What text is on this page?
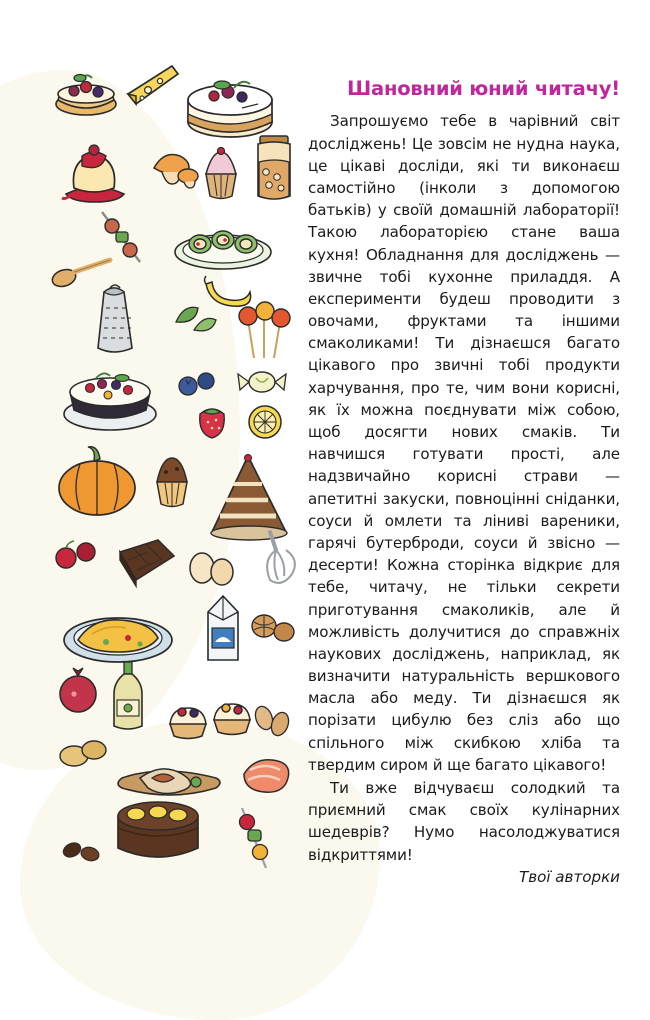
Шановний юний читачу!

Запрошуємо тебе в чарівний світ досліджень! Це зовсім не нудна наука, це цікаві досліди, які ти виконаєш самостійно (інколи з допомогою батьків) у своїй домашній лабораторії! Такою лабораторією стане ваша кухня! Обладнання для досліджень — звичне тобі кухонне приладдя. А експерименти будеш проводити з овочами, фруктами та іншими смаколиками! Ти дізнаєшся багато цікавого про звичні тобі продукти харчування, про те, чим вони корисні, як їх можна поєднувати між собою, щоб досягти нових смаків. Ти навчишся готувати прості, але надзвичайно корисні страви — апетитні закуски, повноцінні сніданки, соуси й омлети та ліниві вареники, гарячі бутерброди, соуси й звісно — десерти! Кожна сторінка відкриє для тебе, читачу, не тільки секрети приготування смаколиків, але й можливість долучитися до справжніх наукових досліджень, наприклад, як визначити натуральність вершкового масла або меду. Ти дізнаєшся як порізати цибулю без сліз або що спільного між скибкою хліба та твердим сиром й ще багато цікавого!

Ти вже відчуваєш солодкий та приємний смак своїх кулінарних шедеврів? Нумо насолоджуватися відкриттями!

Твої авторки
